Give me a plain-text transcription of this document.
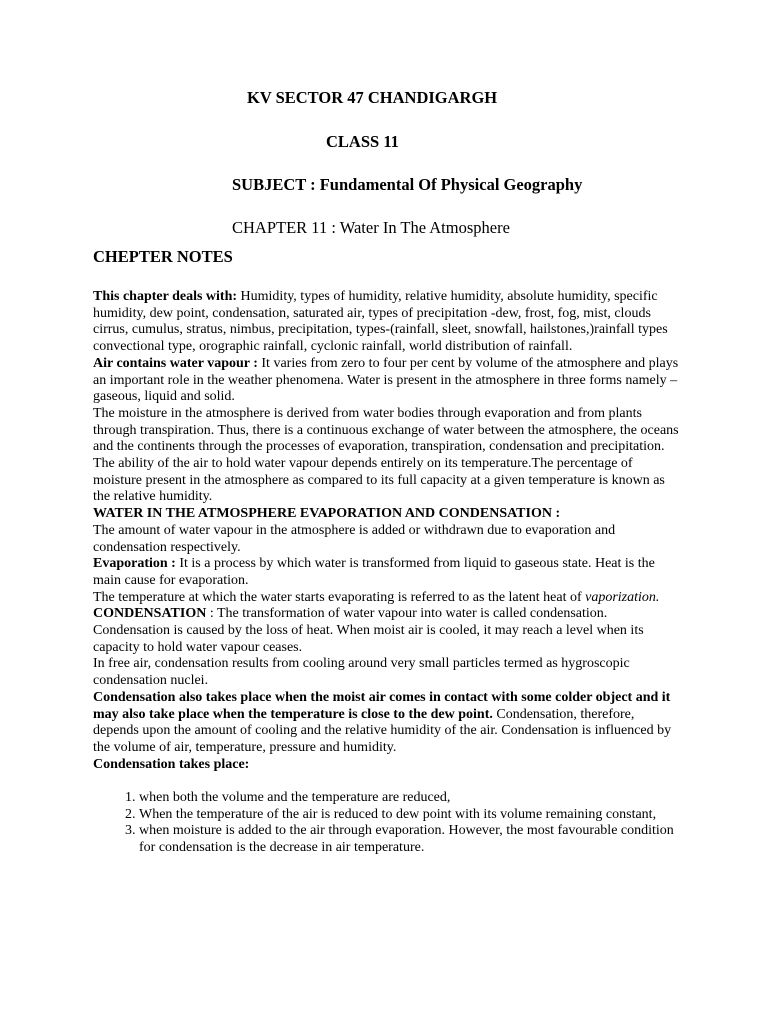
KV SECTOR 47 CHANDIGARGH
CLASS 11
SUBJECT : Fundamental Of Physical Geography
CHAPTER 11 : Water In The Atmosphere
CHEPTER NOTES

This chapter deals with: Humidity, types of humidity, relative humidity, absolute humidity, specific humidity, dew point, condensation, saturated air, types of precipitation -dew, frost, fog, mist, clouds cirrus, cumulus, stratus, nimbus, precipitation, types-(rainfall, sleet, snowfall, hailstones,)rainfall types convectional type, orographic rainfall, cyclonic rainfall, world distribution of rainfall.

Air contains water vapour : It varies from zero to four per cent by volume of the atmosphere and plays an important role in the weather phenomena. Water is present in the atmosphere in three forms namely – gaseous, liquid and solid.

The moisture in the atmosphere is derived from water bodies through evaporation and from plants through transpiration. Thus, there is a continuous exchange of water between the atmosphere, the oceans and the continents through the processes of evaporation, transpiration, condensation and precipitation. The ability of the air to hold water vapour depends entirely on its temperature.The percentage of moisture present in the atmosphere as compared to its full capacity at a given temperature is known as the relative humidity.

WATER IN THE ATMOSPHERE EVAPORATION AND CONDENSATION :

The amount of water vapour in the atmosphere is added or withdrawn due to evaporation and condensation respectively.

Evaporation : It is a process by which water is transformed from liquid to gaseous state. Heat is the main cause for evaporation.

The temperature at which the water starts evaporating is referred to as the latent heat of vaporization.

CONDENSATION : The transformation of water vapour into water is called condensation. Condensation is caused by the loss of heat. When moist air is cooled, it may reach a level when its capacity to hold water vapour ceases.

In free air, condensation results from cooling around very small particles termed as hygroscopic condensation nuclei.

Condensation also takes place when the moist air comes in contact with some colder object and it may also take place when the temperature is close to the dew point. Condensation, therefore, depends upon the amount of cooling and the relative humidity of the air. Condensation is influenced by the volume of air, temperature, pressure and humidity.

Condensation takes place:

1. when both the volume and the temperature are reduced,
2. When the temperature of the air is reduced to dew point with its volume remaining constant,
3. when moisture is added to the air through evaporation. However, the most favourable condition for condensation is the decrease in air temperature.
